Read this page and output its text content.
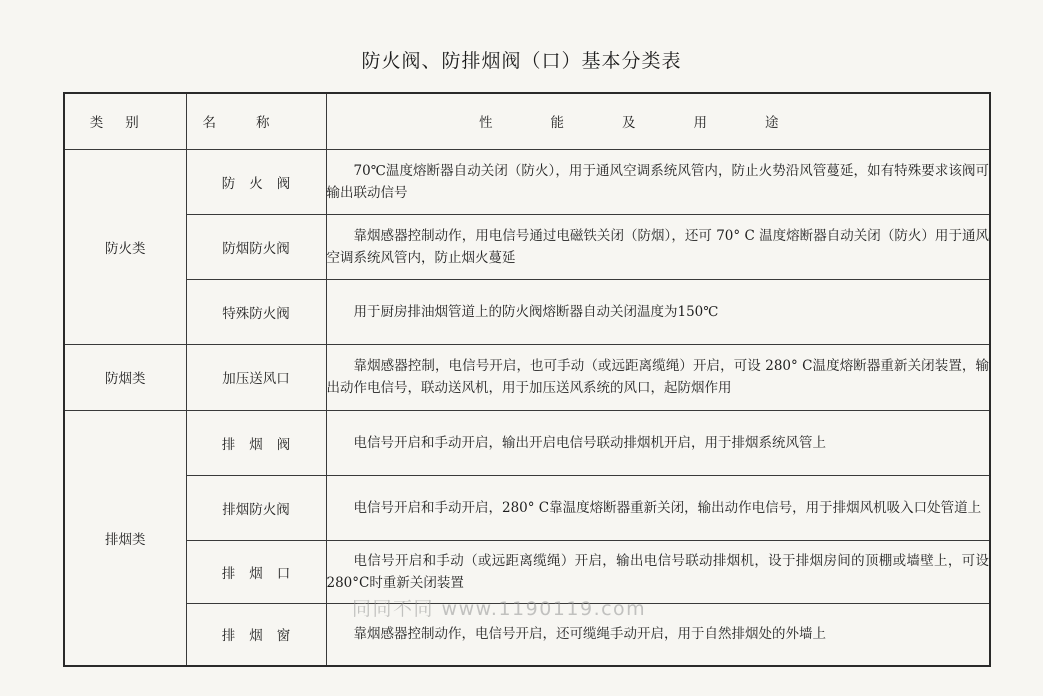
防火阀、防排烟阀（口）基本分类表
类别	名称	性能及用途
防火类	防火阀	70℃温度熔断器自动关闭（防火），用于通风空调系统风管内，防止火势沿风管蔓延，如有特殊要求该阀可输出联动信号
	防烟防火阀	靠烟感器控制动作，用电信号通过电磁铁关闭（防烟），还可 70° C 温度熔断器自动关闭（防火）用于通风空调系统风管内，防止烟火蔓延
	特殊防火阀	用于厨房排油烟管道上的防火阀熔断器自动关闭温度为150℃
防烟类	加压送风口	靠烟感器控制，电信号开启，也可手动（或远距离缆绳）开启，可设 280° C温度熔断器重新关闭装置，输出动作电信号，联动送风机，用于加压送风系统的风口，起防烟作用
排烟类	排烟阀	电信号开启和手动开启，输出开启电信号联动排烟机开启，用于排烟系统风管上
	排烟防火阀	电信号开启和手动开启，280° C靠温度熔断器重新关闭，输出动作电信号，用于排烟风机吸入口处管道上
	排烟口	电信号开启和手动（或远距离缆绳）开启，输出电信号联动排烟机，设于排烟房间的顶棚或墙壁上，可设 280°C时重新关闭装置
	排烟窗	靠烟感器控制动作，电信号开启，还可缆绳手动开启，用于自然排烟处的外墙上
同同不同 www.1190119.com
